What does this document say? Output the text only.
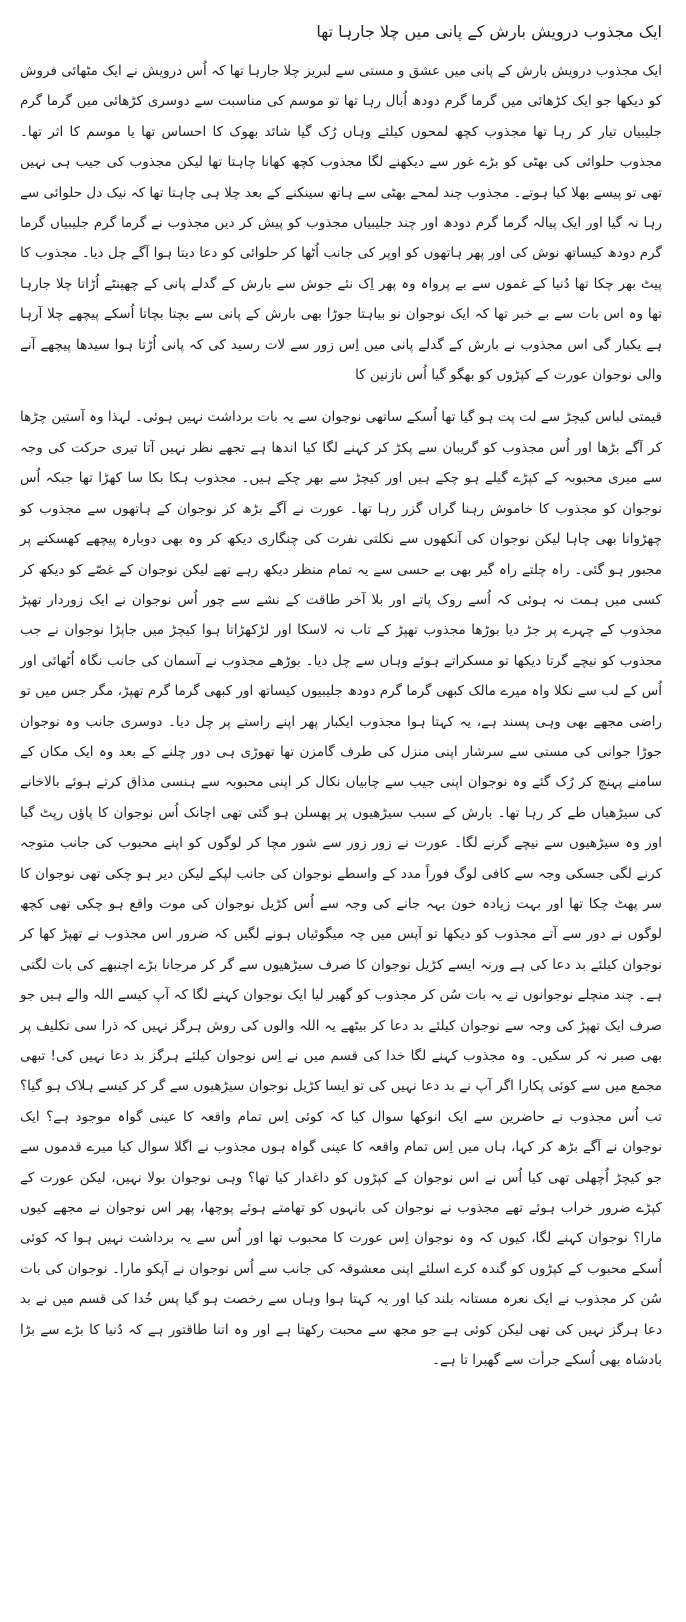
ایک مجذوب درویش بارش کے پانی میں چلا جارہا تھا

ایک مجذوب درویش بارش کے پانی میں عشق و مستی سے لبریز چلا جارہا تھا کہ اُس درویش نے ایک مٹھائی فروش کو دیکھا جو ایک کڑھائی میں گرما گرم دودھ اُبال رہا تھا تو موسم کی مناسبت سے دوسری کڑھائی میں گرما گرم جلیبیاں تیار کر رہا تھا مجذوب کچھ لمحوں کیلئے وہاں رُک گیا شائد بھوک کا احساس تھا یا موسم کا اثر تھا۔ مجذوب حلوائی کی بھٹی کو بڑے غور سے دیکھنے لگا مجذوب کچھ کھانا چاہتا تھا لیکن مجذوب کی جیب ہی نہیں تھی تو پیسے بھلا کیا ہوتے۔ مجذوب چند لمحے بھٹی سے ہاتھ سینکنے کے بعد چلا ہی چاہتا تھا کہ نیک دل حلوائی سے رہا نہ گیا اور ایک پیالہ گرما گرم دودھ اور چند جلیبیاں مجذوب کو پیش کر دیں مجذوب نے گرما گرم جلیبیاں گرما گرم دودھ کیساتھ نوش کی اور پھر ہاتھوں کو اوپر کی جانب اُٹھا کر حلوائی کو دعا دیتا ہوا آگے چل دیا۔ مجذوب کا پیٹ بھر چکا تھا دُنیا کے غموں سے بے پرواہ وہ پھر اِک نئے جوش سے بارش کے گدلے پانی کے چھینٹے اُڑاتا چلا جارہا تھا وہ اس بات سے بے خبر تھا کہ ایک نوجوان نو بیاہتا جوڑا بھی بارش کے پانی سے بچتا بچاتا اُسکے پیچھے چلا آرہا ہے یکبار گی اس مجذوب نے بارش کے گدلے پانی میں اِس زور سے لات رسید کی کہ پانی اُڑتا ہوا سیدھا پیچھے آنے والی نوجوان عورت کے کپڑوں کو بھگو گیا اُس نازنین کا

قیمتی لباس کیچڑ سے لت پت ہو گیا تھا اُسکے ساتھی نوجوان سے یہ بات برداشت نہیں ہوئی۔ لہذا وہ آستین چڑھا کر آگے بڑھا اور اُس مجذوب کو گریبان سے پکڑ کر کہنے لگا کیا اندھا ہے تجھے نظر نہیں آتا تیری حرکت کی وجہ سے میری محبوبہ کے کپڑے گیلے ہو چکے ہیں اور کیچڑ سے بھر چکے ہیں۔ مجذوب ہکا بکا سا کھڑا تھا جبکہ اُس نوجوان کو مجذوب کا خاموش رہنا گراں گزر رہا تھا۔ عورت نے آگے بڑھ کر نوجوان کے ہاتھوں سے مجذوب کو چھڑوانا بھی چاہا لیکن نوجوان کی آنکھوں سے نکلتی نفرت کی چنگاری دیکھ کر وہ بھی دوبارہ پیچھے کھسکنے پر مجبور ہو گئی۔ راہ چلتے راہ گیر بھی بے حسی سے یہ تمام منظر دیکھ رہے تھے لیکن نوجوان کے غصّے کو دیکھ کر کسی میں ہمت نہ ہوئی کہ اُسے روک پاتے اور بلا آخر طاقت کے نشے سے چور اُس نوجوان نے ایک زوردار تھپڑ مجذوب کے چہرے پر جڑ دیا بوڑھا مجذوب تھپڑ کے تاب نہ لاسکا اور لڑکھڑاتا ہوا کیچڑ میں جاپڑا نوجوان نے جب مجذوب کو نیچے گرتا دیکھا تو مسکراتے ہوئے وہاں سے چل دیا۔ بوڑھے مجذوب نے آسمان کی جانب نگاہ اُٹھائی اور اُس کے لب سے نکلا واہ میرے مالک کبھی گرما گرم دودھ جلیبیوں کیساتھ اور کبھی گرما گرم تھپڑ، مگر جس میں تو راضی مجھے بھی وہی پسند ہے، یہ کہتا ہوا مجذوب ایکبار پھر اپنے راستے پر چل دیا۔ دوسری جانب وہ نوجوان جوڑا جوانی کی مستی سے سرشار اپنی منزل کی طرف گامزن تھا تھوڑی ہی دور چلنے کے بعد وہ ایک مکان کے سامنے پہنچ کر رُک گئے وہ نوجوان اپنی جیب سے چابیاں نکال کر اپنی محبوبہ سے ہنسی مذاق کرتے ہوئے بالاخانے کی سیڑھیاں طے کر رہا تھا۔ بارش کے سبب سیڑھیوں پر پھسلن ہو گئی تھی اچانک اُس نوجوان کا پاؤں رپٹ گیا اور وہ سیڑھیوں سے نیچے گرنے لگا۔ عورت نے زور زور سے شور مچا کر لوگوں کو اپنے محبوب کی جانب متوجہ کرنے لگی جسکی وجہ سے کافی لوگ فوراً مدد کے واسطے نوجوان کی جانب لپکے لیکن دیر ہو چکی تھی نوجوان کا سر پھٹ چکا تھا اور بہت زیادہ خون بہہ جانے کی وجہ سے اُس کڑیل نوجوان کی موت واقع ہو چکی تھی کچھ لوگوں نے دور سے آتے مجذوب کو دیکھا تو آپس میں چہ میگوئیاں ہونے لگیں کہ ضرور اس مجذوب نے تھپڑ کھا کر نوجوان کیلئے بد دعا کی ہے ورنہ ایسے کڑیل نوجوان کا صرف سیڑھیوں سے گر کر مرجانا بڑے اچنبھے کی بات لگتی ہے۔ چند منچلے نوجوانوں نے یہ بات سُن کر مجذوب کو گھیر لیا ایک نوجوان کہنے لگا کہ آپ کیسے اللہ والے ہیں جو صرف ایک تھپڑ کی وجہ سے نوجوان کیلئے بد دعا کر بیٹھے یہ اللہ والوں کی روش ہرگز نہیں کہ ذرا سی تکلیف پر بھی صبر نہ کر سکیں۔ وہ مجذوب کہنے لگا خدا کی قسم میں نے اِس نوجوان کیلئے ہرگز بد دعا نہیں کی! تبھی مجمع میں سے کوئی پکارا اگر آپ نے بد دعا نہیں کی تو ایسا کڑیل نوجوان سیڑھیوں سے گر کر کیسے ہلاک ہو گیا؟ تب اُس مجذوب نے حاضرین سے ایک انوکھا سوال کیا کہ کوئی اِس تمام واقعہ کا عینی گواہ موجود ہے؟ ایک نوجوان نے آگے بڑھ کر کہا، ہاں میں اِس تمام واقعہ کا عینی گواہ ہوں مجذوب نے اگلا سوال کیا میرے قدموں سے جو کیچڑ اُچھلی تھی کیا اُس نے اس نوجوان کے کپڑوں کو داغدار کیا تھا؟ وہی نوجوان بولا نہیں، لیکن عورت کے کپڑے ضرور خراب ہوئے تھے مجذوب نے نوجوان کی بانہوں کو تھامتے ہوئے پوچھا، پھر اس نوجوان نے مجھے کیوں مارا؟ نوجوان کہنے لگا، کیوں کہ وہ نوجوان اِس عورت کا محبوب تھا اور اُس سے یہ برداشت نہیں ہوا کہ کوئی اُسکے محبوب کے کپڑوں کو گندہ کرے اسلئے اپنی معشوقہ کی جانب سے اُس نوجوان نے آپکو مارا۔ نوجوان کی بات سُن کر مجذوب نے ایک نعرہ مستانہ بلند کیا اور یہ کہتا ہوا وہاں سے رخصت ہو گیا پس خُدا کی قسم میں نے بد دعا ہرگز نہیں کی تھی لیکن کوئی ہے جو مجھ سے محبت رکھتا ہے اور وہ اتنا طاقتور ہے کہ دُنیا کا بڑے سے بڑا بادشاہ بھی اُسکے جرأت سے گھبرا تا ہے۔
